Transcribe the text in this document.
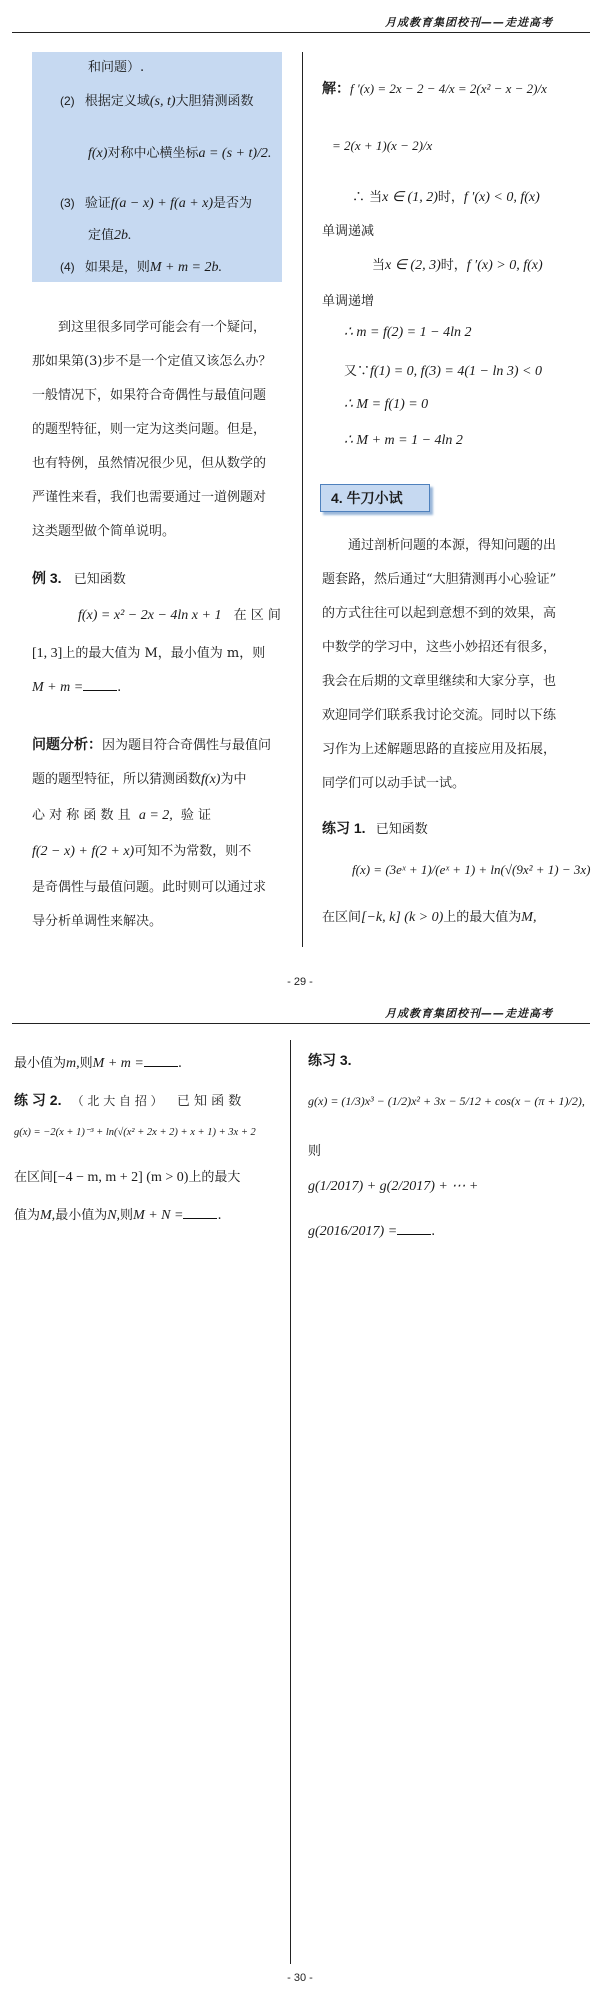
月成教育集团校刊——走进高考
和问题）.
(2) 根据定义域(s, t)大胆猜测函数
f(x)对称中心横坐标a = (s + t)/2.
(3) 验证f(a − x) + f(a + x)是否为
定值2b.
(4) 如果是，则M + m = 2b.
到这里很多同学可能会有一个疑问，
那如果第(3)步不是一个定值又该怎么办？
一般情况下，如果符合奇偶性与最值问题
的题型特征，则一定为这类问题。但是，
也有特例，虽然情况很少见，但从数学的
严谨性来看，我们也需要通过一道例题对
这类题型做个简单说明。
例 3. 已知函数
f(x) = x² − 2x − 4ln x + 1 在 区 间
[1, 3]上的最大值为 M，最小值为 m，则
M + m =	.
问题分析：因为题目符合奇偶性与最值问
题的题型特征，所以猜测函数f(x)为中
心 对 称 函 数 且 a = 2, 验 证
f(2 − x) + f(2 + x)可知不为常数，则不
是奇偶性与最值问题。此时则可以通过求
导分析单调性来解决。
解：f ′(x) = 2x − 2 − 4/x = 2(x² − x − 2)/x
= 2(x + 1)(x − 2)/x
∴ 当x ∈ (1, 2)时，f ′(x) < 0, f(x)
单调递减
当x ∈ (2, 3)时，f ′(x) > 0, f(x)
单调递增
∴ m = f(2) = 1 − 4ln 2
又∵f(1) = 0, f(3) = 4(1 − ln 3) < 0
∴ M = f(1) = 0
∴ M + m = 1 − 4ln 2
4. 牛刀小试
通过剖析问题的本源，得知问题的出
题套路，然后通过“大胆猜测再小心验证”
的方式往往可以起到意想不到的效果，高
中数学的学习中，这些小妙招还有很多，
我会在后期的文章里继续和大家分享，也
欢迎同学们联系我讨论交流。同时以下练
习作为上述解题思路的直接应用及拓展，
同学们可以动手试一试。
练习 1. 已知函数
f(x) = (3eˣ + 1)/(eˣ + 1) + ln(√(9x² + 1) − 3x)
在区间[−k, k] (k > 0)上的最大值为M,
- 29 -
月成教育集团校刊——走进高考
最小值为m,则M + m =	.
练 习 2. （ 北 大 自 招 ） 已 知 函 数
g(x) = −2(x + 1)⁻³ + ln(√(x² + 2x + 2) + x + 1) + 3x + 2
在区间[−4 − m, m + 2] (m > 0)上的最大
值为M,最小值为N,则M + N =	.
练习 3.
g(x) = (1/3)x³ − (1/2)x² + 3x − 5/12 + cos(x − (π + 1)/2),
则
g(1/2017) + g(2/2017) + ⋯ +
g(2016/2017) =	.
- 30 -
